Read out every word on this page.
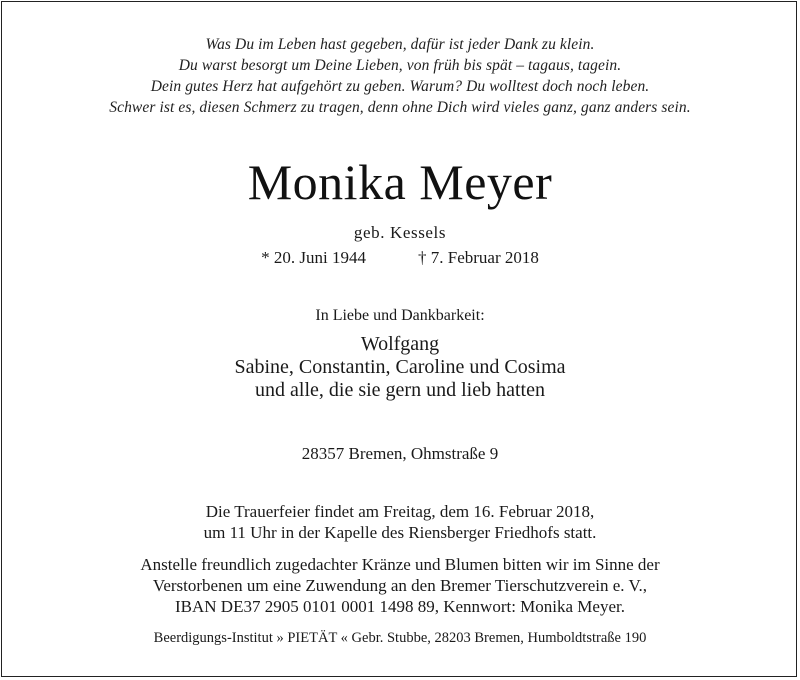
Was Du im Leben hast gegeben, dafür ist jeder Dank zu klein.
Du warst besorgt um Deine Lieben, von früh bis spät – tagaus, tagein.
Dein gutes Herz hat aufgehört zu geben. Warum? Du wolltest doch noch leben.
Schwer ist es, diesen Schmerz zu tragen, denn ohne Dich wird vieles ganz, ganz anders sein.
Monika Meyer
geb. Kessels
* 20. Juni 1944	† 7. Februar 2018
In Liebe und Dankbarkeit:
Wolfgang
Sabine, Constantin, Caroline und Cosima
und alle, die sie gern und lieb hatten
28357 Bremen, Ohmstraße 9
Die Trauerfeier findet am Freitag, dem 16. Februar 2018,
um 11 Uhr in der Kapelle des Riensberger Friedhofs statt.
Anstelle freundlich zugedachter Kränze und Blumen bitten wir im Sinne der
Verstorbenen um eine Zuwendung an den Bremer Tierschutzverein e. V.,
IBAN DE37 2905 0101 0001 1498 89, Kennwort: Monika Meyer.
Beerdigungs-Institut » PIETÄT « Gebr. Stubbe, 28203 Bremen, Humboldtstraße 190
